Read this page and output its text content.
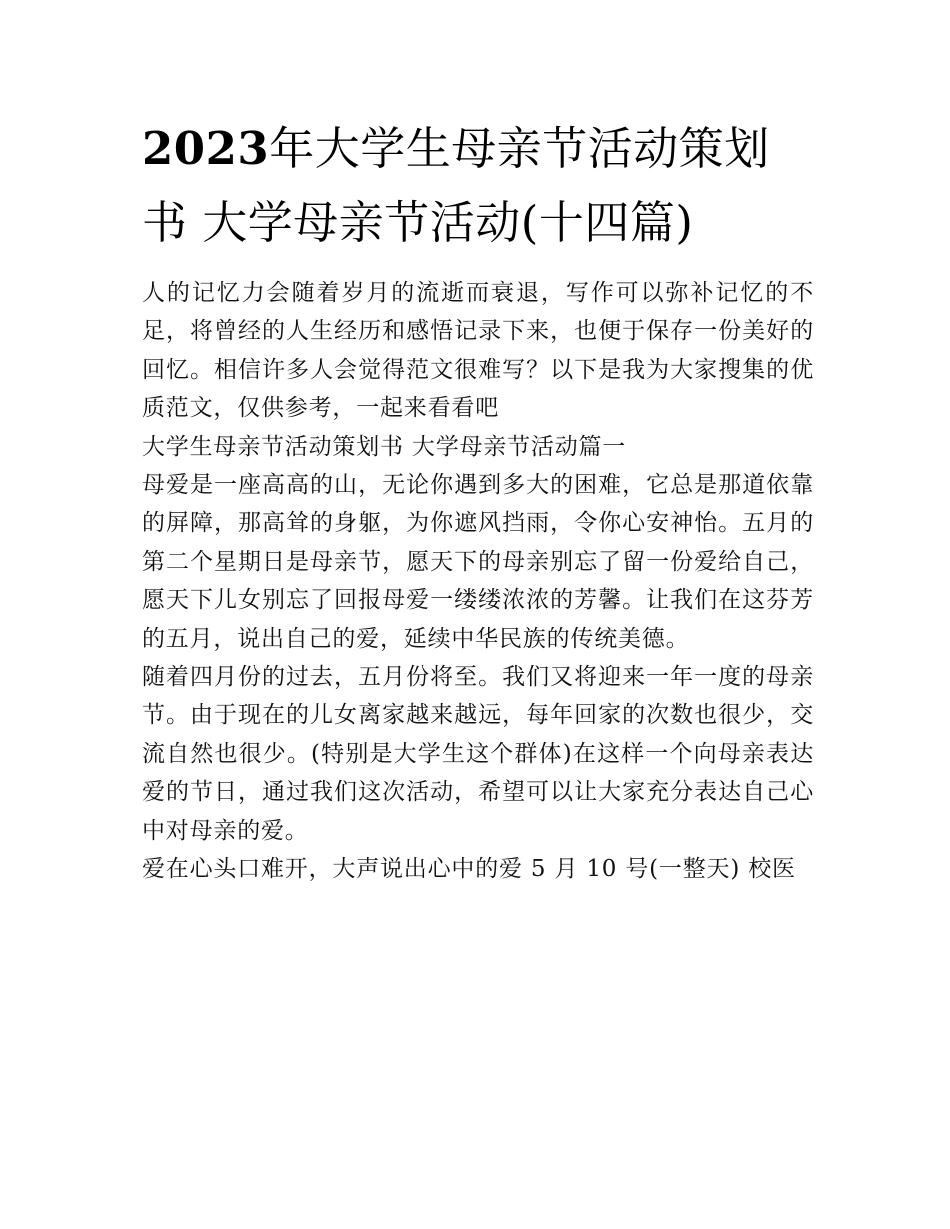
2023年大学生母亲节活动策划书 大学母亲节活动(十四篇)

人的记忆力会随着岁月的流逝而衰退，写作可以弥补记忆的不足，将曾经的人生经历和感悟记录下来，也便于保存一份美好的回忆。相信许多人会觉得范文很难写？以下是我为大家搜集的优质范文，仅供参考，一起来看看吧

大学生母亲节活动策划书 大学母亲节活动篇一

母爱是一座高高的山，无论你遇到多大的困难，它总是那道依靠的屏障，那高耸的身躯，为你遮风挡雨，令你心安神怡。五月的第二个星期日是母亲节，愿天下的母亲别忘了留一份爱给自己，愿天下儿女别忘了回报母爱一缕缕浓浓的芳馨。让我们在这芬芳的五月，说出自己的爱，延续中华民族的传统美德。

随着四月份的过去，五月份将至。我们又将迎来一年一度的母亲节。由于现在的儿女离家越来越远，每年回家的次数也很少，交流自然也很少。(特别是大学生这个群体)在这样一个向母亲表达爱的节日，通过我们这次活动，希望可以让大家充分表达自己心中对母亲的爱。

爱在心头口难开，大声说出心中的爱 5 月 10 号(一整天) 校医
